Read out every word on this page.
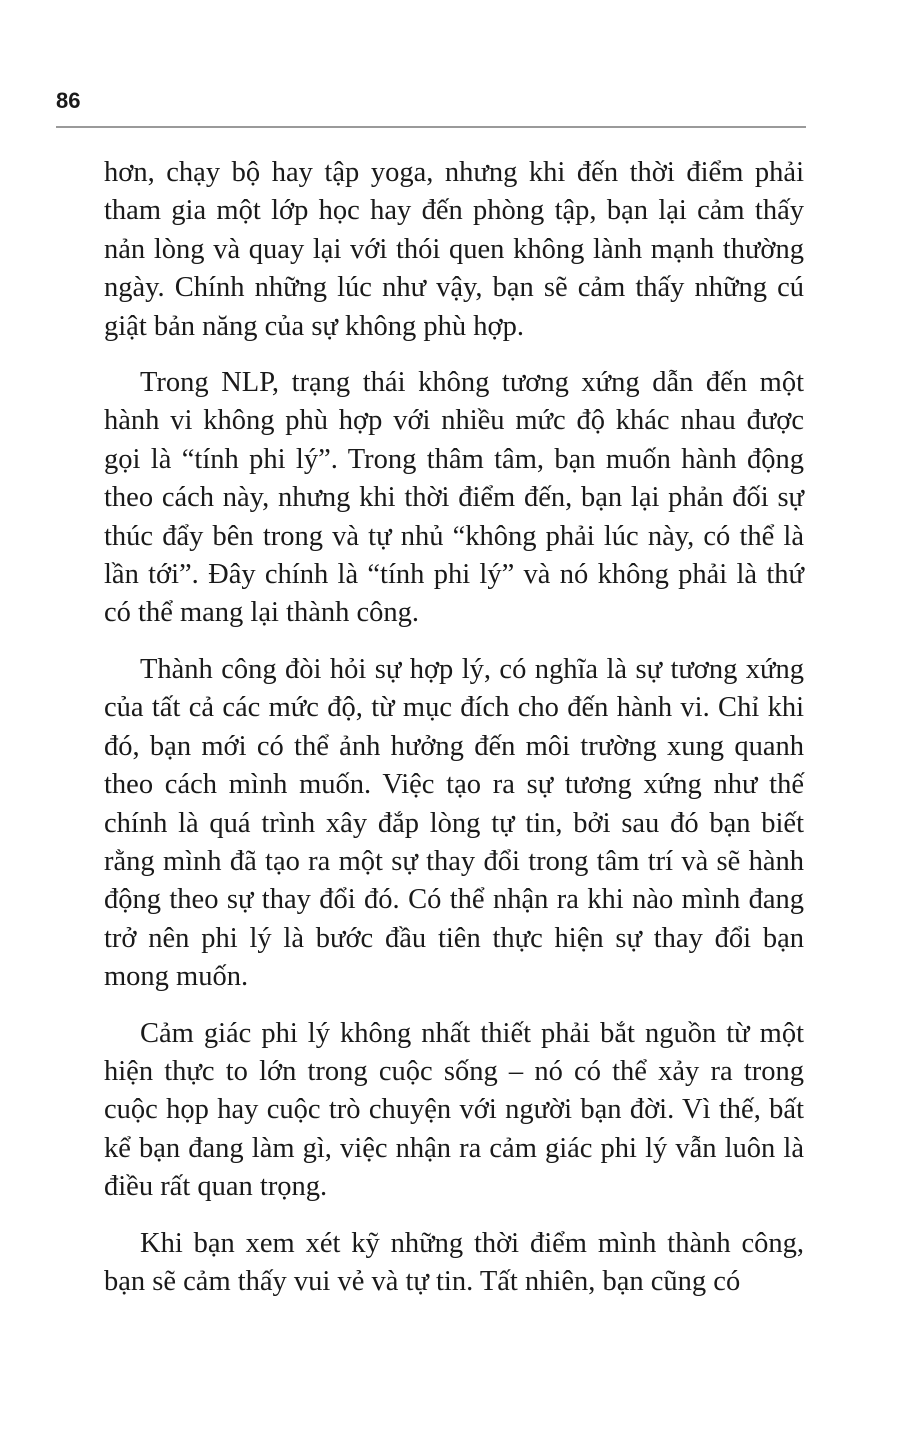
86

hơn, chạy bộ hay tập yoga, nhưng khi đến thời điểm phải tham gia một lớp học hay đến phòng tập, bạn lại cảm thấy nản lòng và quay lại với thói quen không lành mạnh thường ngày. Chính những lúc như vậy, bạn sẽ cảm thấy những cú giật bản năng của sự không phù hợp.

Trong NLP, trạng thái không tương xứng dẫn đến một hành vi không phù hợp với nhiều mức độ khác nhau được gọi là “tính phi lý”. Trong thâm tâm, bạn muốn hành động theo cách này, nhưng khi thời điểm đến, bạn lại phản đối sự thúc đẩy bên trong và tự nhủ “không phải lúc này, có thể là lần tới”. Đây chính là “tính phi lý” và nó không phải là thứ có thể mang lại thành công.

Thành công đòi hỏi sự hợp lý, có nghĩa là sự tương xứng của tất cả các mức độ, từ mục đích cho đến hành vi. Chỉ khi đó, bạn mới có thể ảnh hưởng đến môi trường xung quanh theo cách mình muốn. Việc tạo ra sự tương xứng như thế chính là quá trình xây đắp lòng tự tin, bởi sau đó bạn biết rằng mình đã tạo ra một sự thay đổi trong tâm trí và sẽ hành động theo sự thay đổi đó. Có thể nhận ra khi nào mình đang trở nên phi lý là bước đầu tiên thực hiện sự thay đổi bạn mong muốn.

Cảm giác phi lý không nhất thiết phải bắt nguồn từ một hiện thực to lớn trong cuộc sống – nó có thể xảy ra trong cuộc họp hay cuộc trò chuyện với người bạn đời. Vì thế, bất kể bạn đang làm gì, việc nhận ra cảm giác phi lý vẫn luôn là điều rất quan trọng.

Khi bạn xem xét kỹ những thời điểm mình thành công, bạn sẽ cảm thấy vui vẻ và tự tin. Tất nhiên, bạn cũng có
